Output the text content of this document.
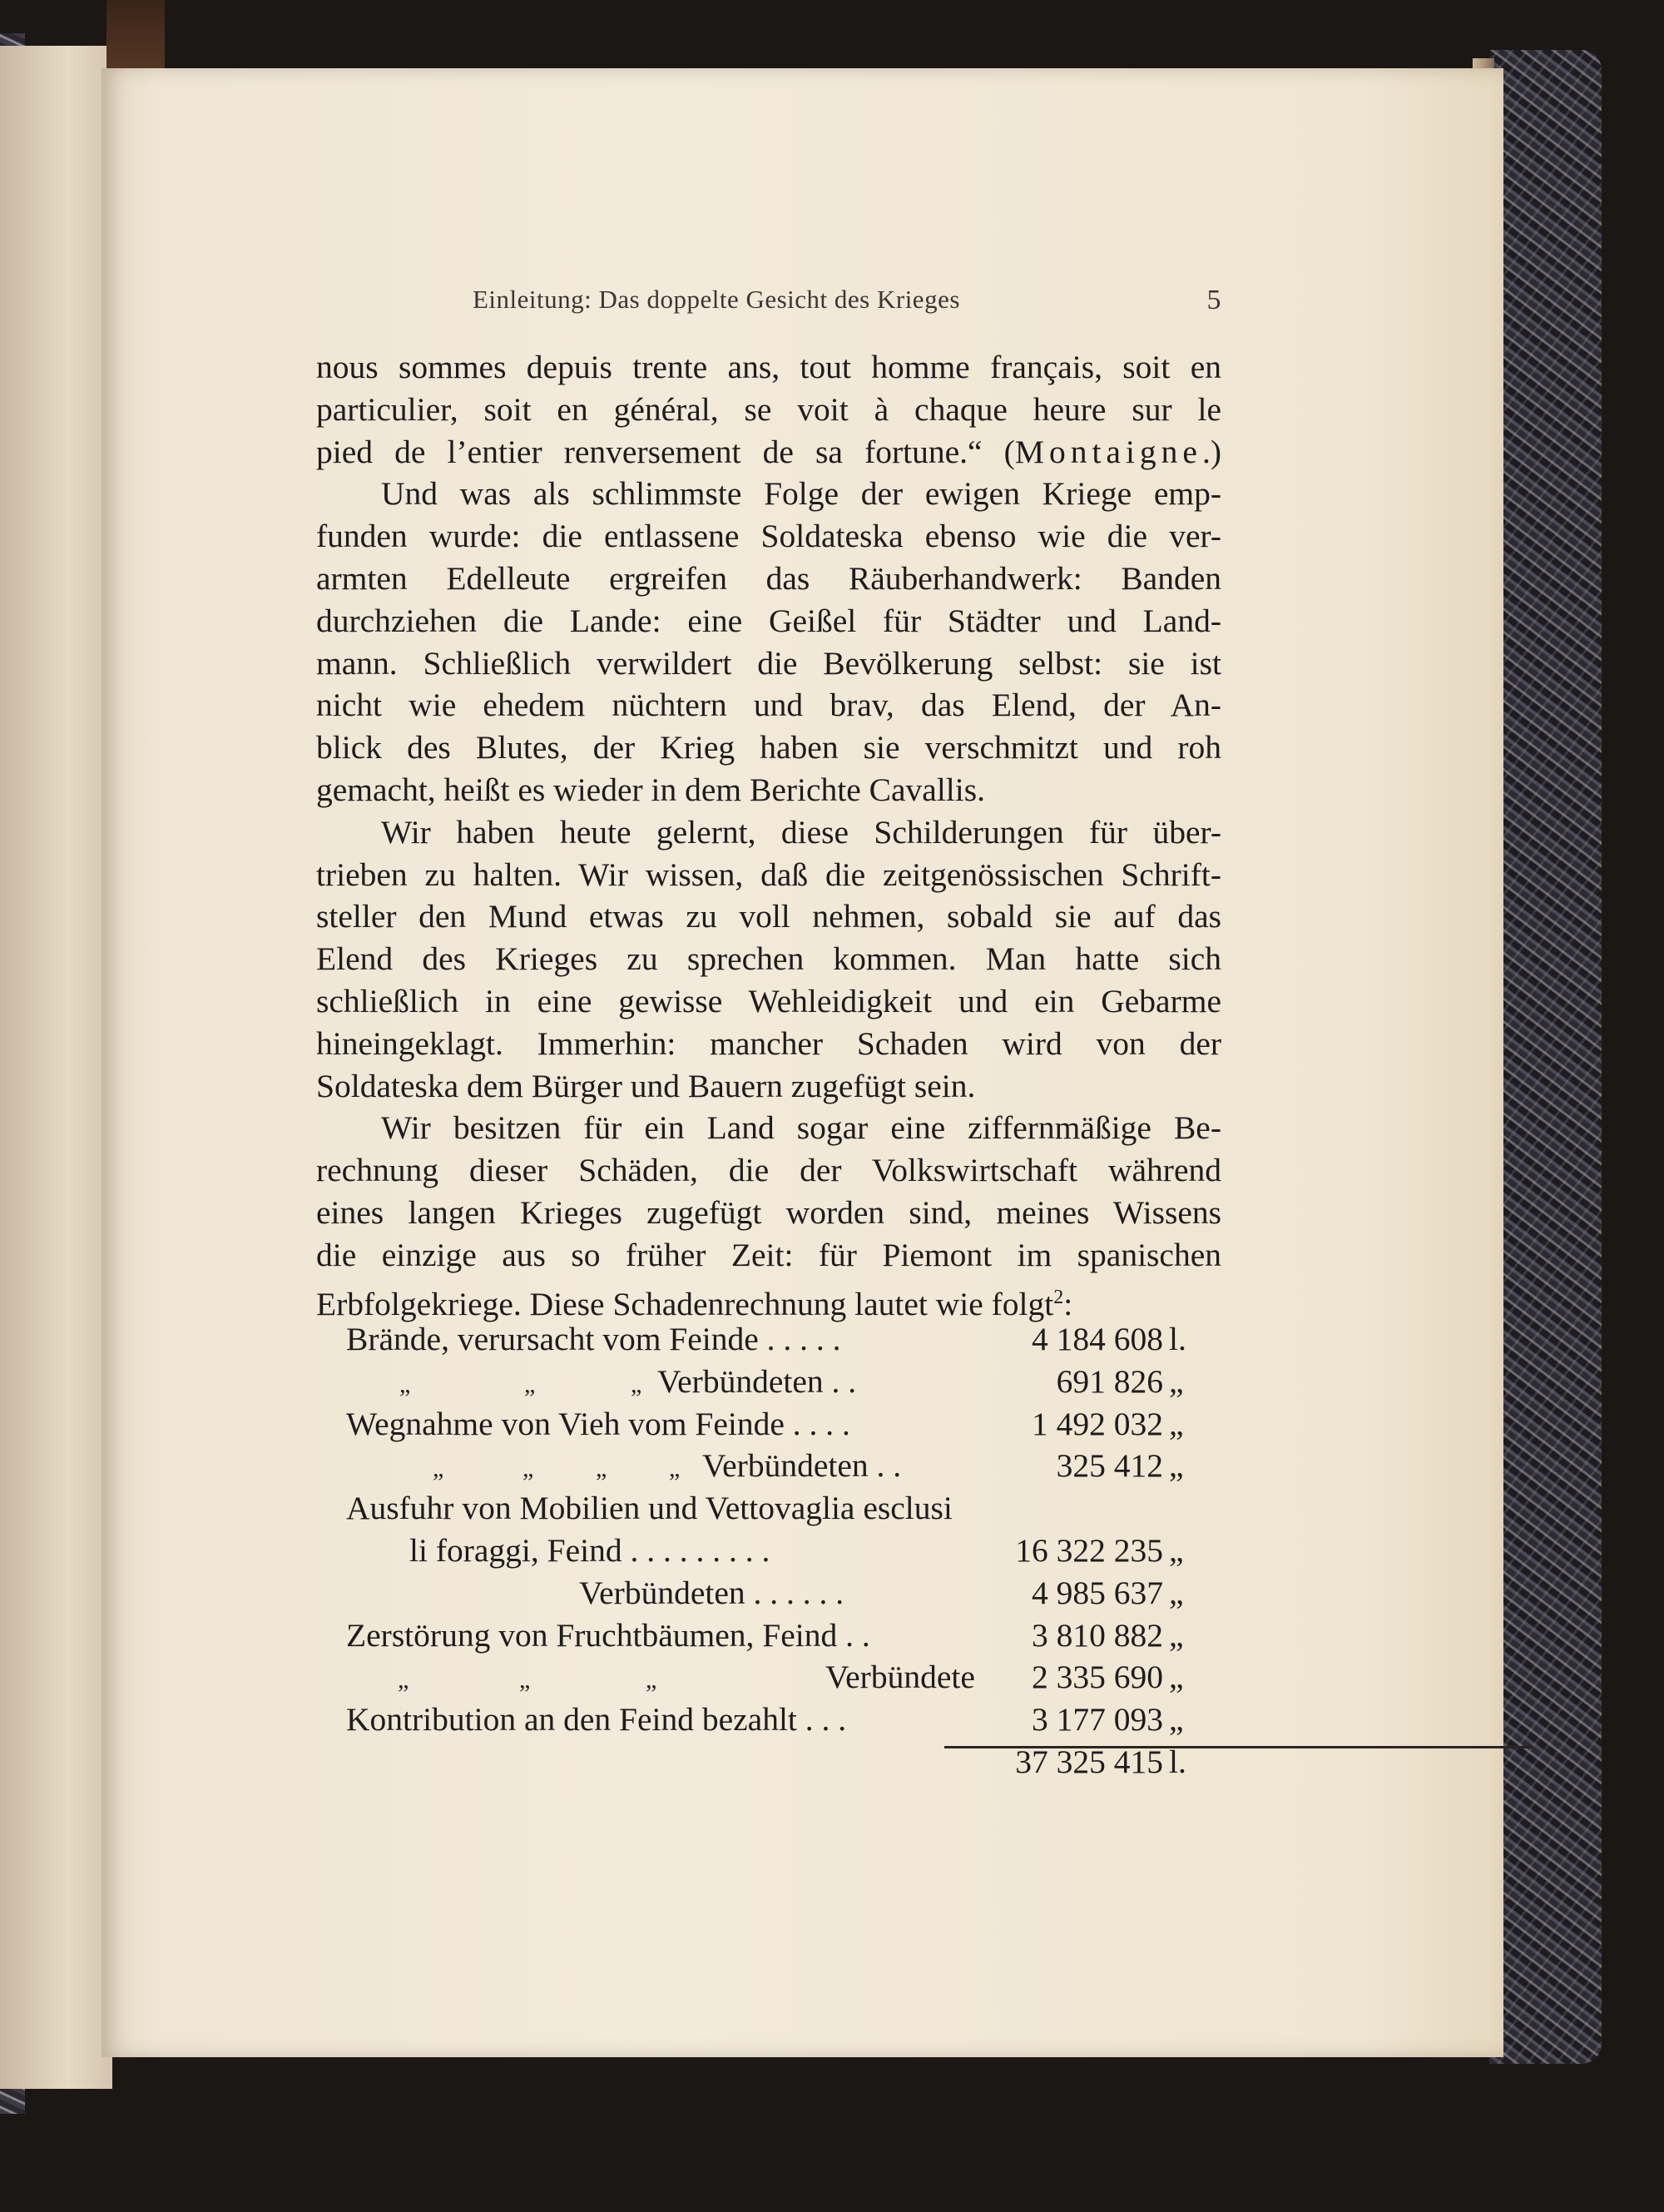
Einleitung: Das doppelte Gesicht des Krieges	5
nous sommes depuis trente ans, tout homme français, soit en
particulier, soit en général, se voit à chaque heure sur le
pied de l’entier renversement de sa fortune.“ (Montaigne.)
Und was als schlimmste Folge der ewigen Kriege emp-
funden wurde: die entlassene Soldateska ebenso wie die ver-
armten Edelleute ergreifen das Räuberhandwerk: Banden
durchziehen die Lande: eine Geißel für Städter und Land-
mann. Schließlich verwildert die Bevölkerung selbst: sie ist
nicht wie ehedem nüchtern und brav, das Elend, der An-
blick des Blutes, der Krieg haben sie verschmitzt und roh
gemacht, heißt es wieder in dem Berichte Cavallis.
Wir haben heute gelernt, diese Schilderungen für über-
trieben zu halten. Wir wissen, daß die zeitgenössischen Schrift-
steller den Mund etwas zu voll nehmen, sobald sie auf das
Elend des Krieges zu sprechen kommen. Man hatte sich
schließlich in eine gewisse Wehleidigkeit und ein Gebarme
hineingeklagt. Immerhin: mancher Schaden wird von der
Soldateska dem Bürger und Bauern zugefügt sein.
Wir besitzen für ein Land sogar eine ziffernmäßige Be-
rechnung dieser Schäden, die der Volkswirtschaft während
eines langen Krieges zugefügt worden sind, meines Wissens
die einzige aus so früher Zeit: für Piemont im spanischen
Erbfolgekriege. Diese Schadenrechnung lautet wie folgt$^2$:
Brände, verursacht vom Feinde . . . . .	4 184 608 l.
„	„	„ Verbündeten . .	691 826 „
Wegnahme von Vieh vom Feinde . . . .	1 492 032 „
„	„ „ „ Verbündeten . .	325 412 „
Ausfuhr von Mobilien und Vettovaglia esclusi
li foraggi, Feind . . . . . . . . .	16 322 235 „
Verbündeten . . . . . .	4 985 637 „
Zerstörung von Fruchtbäumen, Feind . .	3 810 882 „
„	„	„	Verbündete 2 335 690 „
Kontribution an den Feind bezahlt . . .	3 177 093 „
37 325 415 l.
